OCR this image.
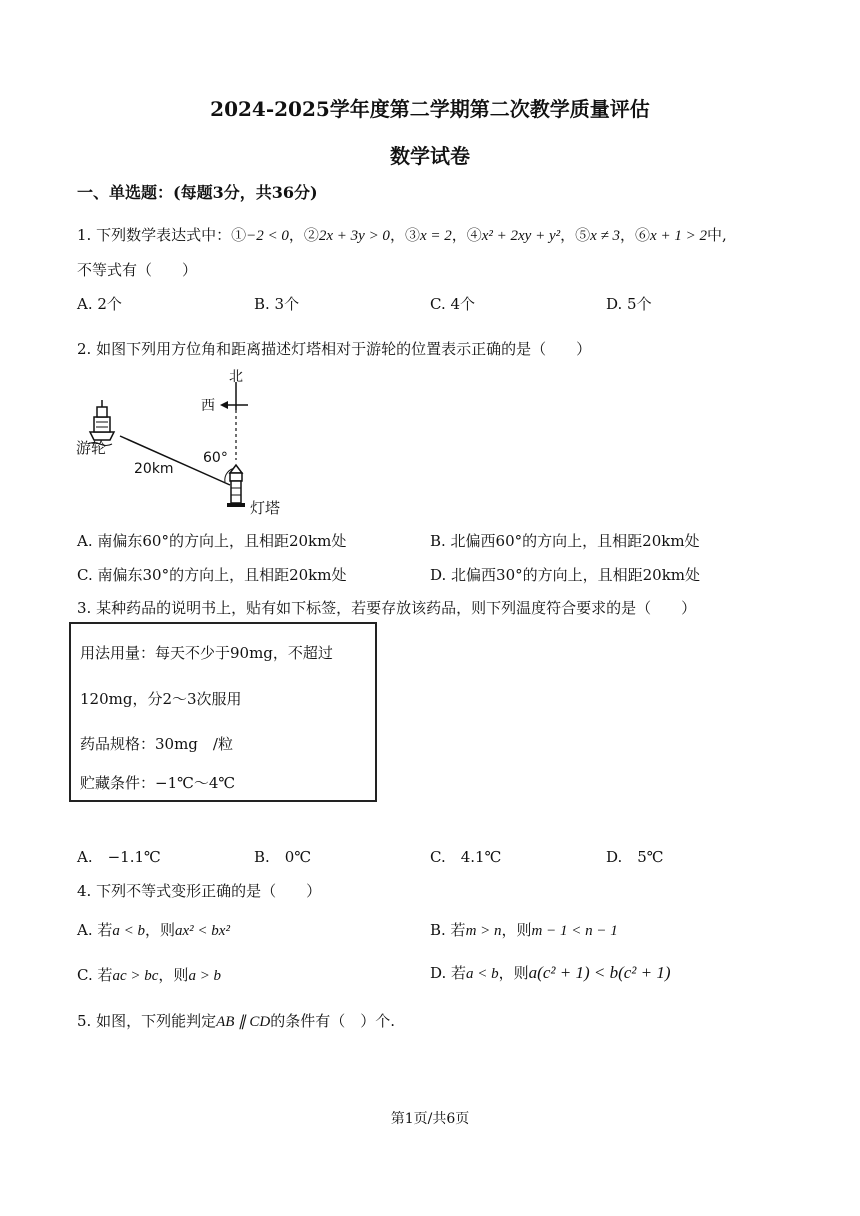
2024-2025学年度第二学期第二次教学质量评估
数学试卷
一、单选题：(每题3分，共36分)
1. 下列数学表达式中：①−2 < 0，②2x + 3y > 0，③x = 2，④x² + 2xy + y²，⑤x ≠ 3，⑥x + 1 > 2中,
不等式有（　　）
A. 2个	B. 3个	C. 4个	D. 5个
2. 如图下列用方位角和距离描述灯塔相对于游轮的位置表示正确的是（　　）
北
西
游轮
20km
60°
灯塔
A. 南偏东60°的方向上，且相距20km处	B. 北偏西60°的方向上，且相距20km处
C. 南偏东30°的方向上，且相距20km处	D. 北偏西30°的方向上，且相距20km处
3. 某种药品的说明书上，贴有如下标签，若要存放该药品，则下列温度符合要求的是（　　）
用法用量：每天不少于90mg，不超过
120mg，分2～3次服用
药品规格：30mg　/粒
贮藏条件：−1℃～4℃
A.　−1.1℃	B.　0℃	C.　4.1℃	D.　5℃
4. 下列不等式变形正确的是（　　）
A. 若a < b，则ax² < bx²	B. 若m > n，则m − 1 < n − 1
C. 若ac > bc，则a > b	D. 若a < b，则a(c² + 1) < b(c² + 1)
5. 如图，下列能判定AB ∥ CD的条件有（　）个.
第1页/共6页
